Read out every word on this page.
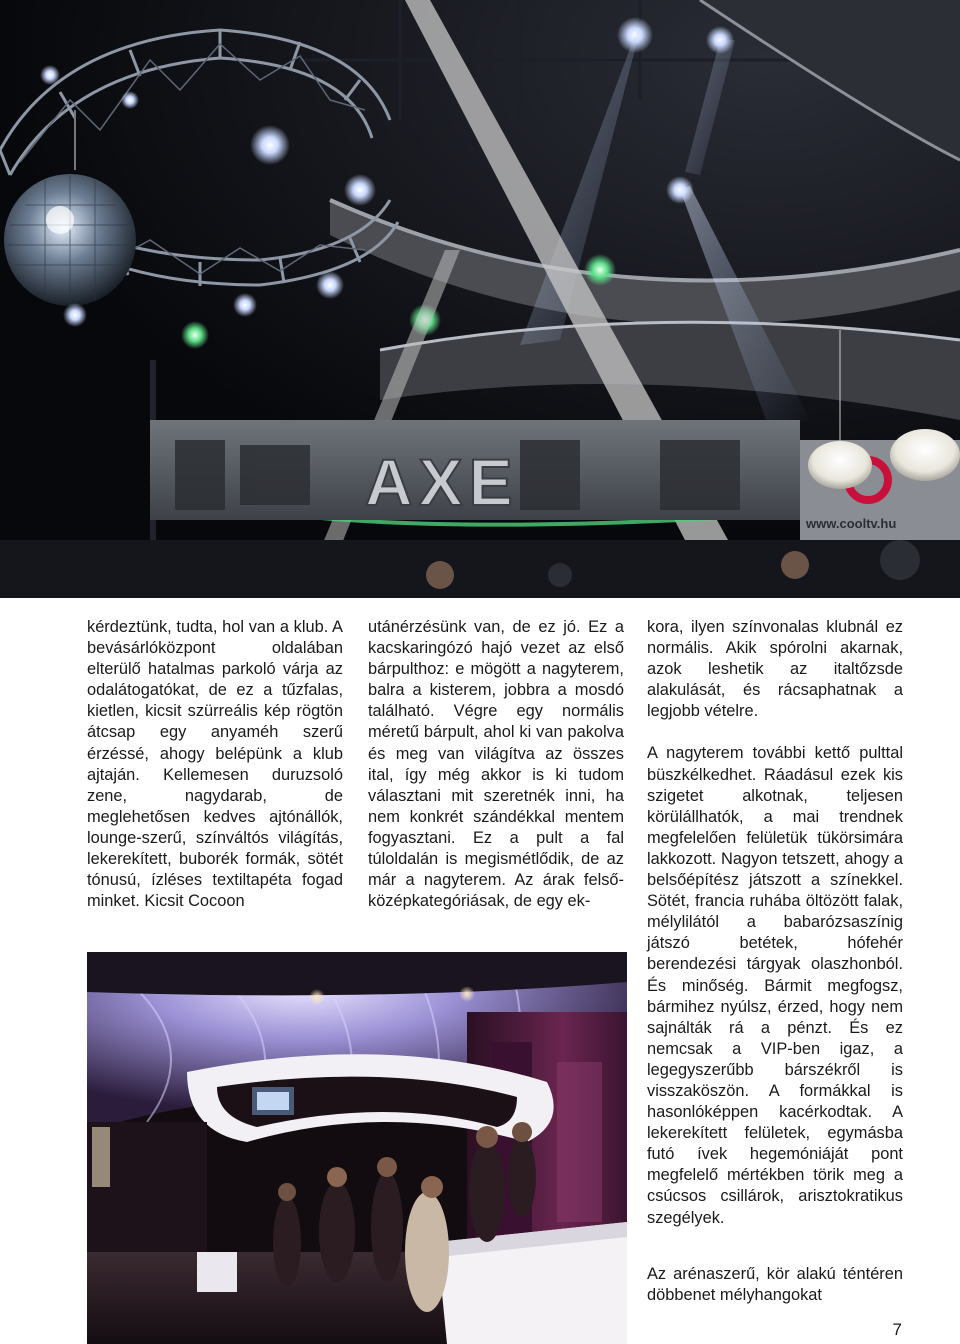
AXE
www.cooltv.hu

kérdeztünk, tudta, hol van a klub. A bevásárlóközpont oldalában elterülő hatalmas parkoló várja az odalátogatókat, de ez a tűzfalas, kietlen, kicsit szürreális kép rögtön átcsap egy anyaméh szerű érzéssé, ahogy belépünk a klub ajtaján. Kellemesen duruzsoló zene, nagydarab, de meglehetősen kedves ajtónállók, lounge-szerű, színváltós világítás, lekerekített, buborék formák, sötét tónusú, ízléses textiltapéta fogad minket. Kicsit Cocoon

utánérzésünk van, de ez jó. Ez a kacskaringózó hajó vezet az első bárpulthoz: e mögött a nagyterem, balra a kisterem, jobbra a mosdó található. Végre egy normális méretű bárpult, ahol ki van pakolva és meg van világítva az összes ital, így még akkor is ki tudom választani mit szeretnék inni, ha nem konkrét szándékkal mentem fogyasztani. Ez a pult a fal túloldalán is megismétlődik, de az már a nagyterem. Az árak felső-középkategóriásak, de egy ek-

kora, ilyen színvonalas klubnál ez normális. Akik spórolni akarnak, azok leshetik az italtőzsde alakulását, és rácsaphatnak a legjobb vételre.

A nagyterem további kettő pulttal büszkélkedhet. Ráadásul ezek kis szigetet alkotnak, teljesen körülállhatók, a mai trendnek megfelelően felületük tükörsimára lakkozott. Nagyon tetszett, ahogy a belsőépítész játszott a színekkel. Sötét, francia ruhába öltözött falak, mélylilától a babarózsaszínig játszó betétek, hófehér berendezési tárgyak olaszhonból. És minőség. Bármit megfogsz, bármihez nyúlsz, érzed, hogy nem sajnálták rá a pénzt. És ez nemcsak a VIP-ben igaz, a legegyszerűbb bárszékről is visszaköszön. A formákkal is hasonlóképpen kacérkodtak. A lekerekített felületek, egymásba futó ívek hegemóniáját pont megfelelő mértékben törik meg a csúcsos csillárok, arisztokratikus szegélyek.

Az arénaszerű, kör alakú téntéren döbbenet mélyhangokat

7
